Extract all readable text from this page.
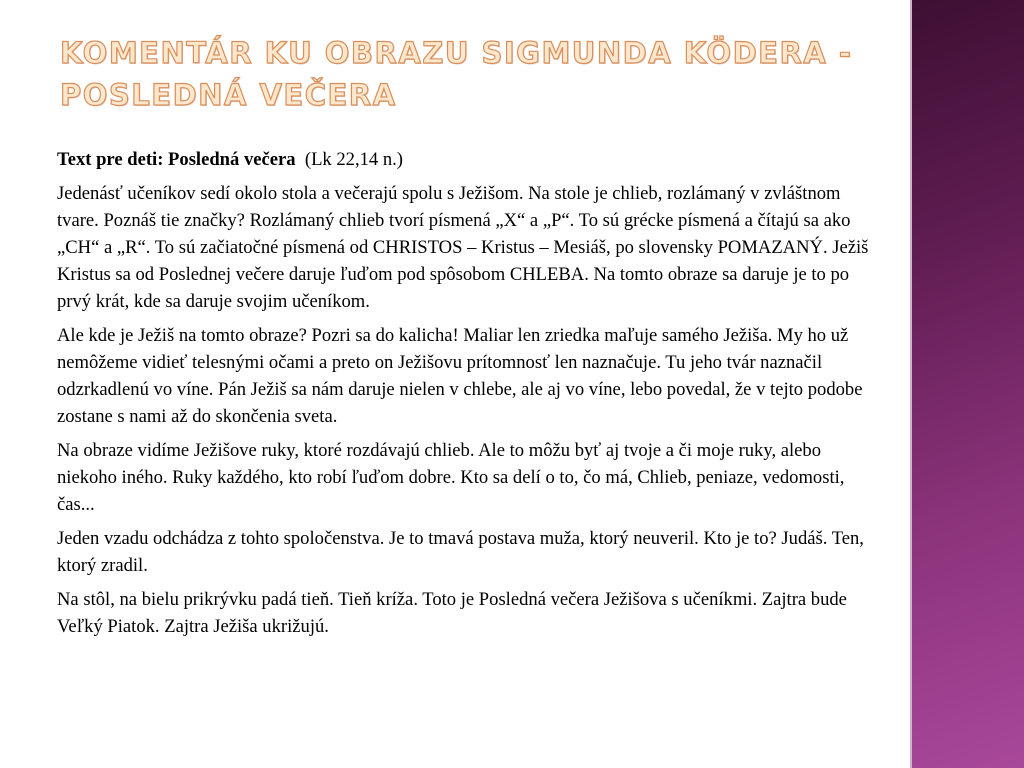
KOMENTÁR KU OBRAZU SIGMUNDA KÖDERA - POSLEDNÁ VEČERA

Text pre deti: Posledná večera (Lk 22,14 n.)

Jedenásť učeníkov sedí okolo stola a večerajú spolu s Ježišom. Na stole je chlieb, rozlámaný v zvláštnom tvare. Poznáš tie značky? Rozlámaný chlieb tvorí písmená „X“ a „P“. To sú grécke písmená a čítajú sa ako „CH“ a „R“. To sú začiatočné písmená od CHRISTOS – Kristus – Mesiáš, po slovensky POMAZANÝ. Ježiš Kristus sa od Poslednej večere daruje ľuďom pod spôsobom CHLEBA. Na tomto obraze sa daruje je to po prvý krát, kde sa daruje svojim učeníkom.

Ale kde je Ježiš na tomto obraze? Pozri sa do kalicha! Maliar len zriedka maľuje samého Ježiša. My ho už nemôžeme vidieť telesnými očami a preto on Ježišovu prítomnosť len naznačuje. Tu jeho tvár naznačil odzrkadlenú vo víne. Pán Ježiš sa nám daruje nielen v chlebe, ale aj vo víne, lebo povedal, že v tejto podobe zostane s nami až do skončenia sveta.

Na obraze vidíme Ježišove ruky, ktoré rozdávajú chlieb. Ale to môžu byť aj tvoje a či moje ruky, alebo niekoho iného. Ruky každého, kto robí ľuďom dobre. Kto sa delí o to, čo má, Chlieb, peniaze, vedomosti, čas...

Jeden vzadu odchádza z tohto spoločenstva. Je to tmavá postava muža, ktorý neuveril. Kto je to? Judáš. Ten, ktorý zradil.

Na stôl, na bielu prikrývku padá tieň. Tieň kríža. Toto je Posledná večera Ježišova s učeníkmi. Zajtra bude Veľký Piatok. Zajtra Ježiša ukrižujú.
